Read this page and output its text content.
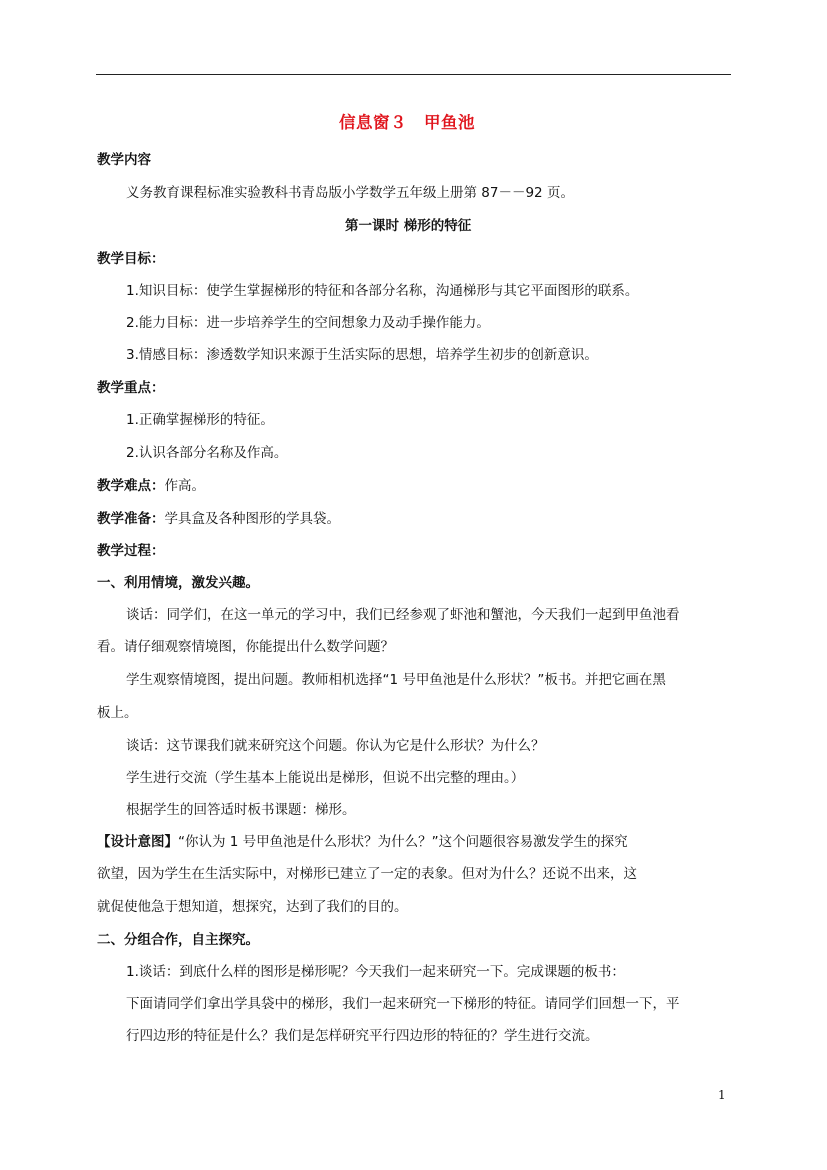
信息窗３　甲鱼池
教学内容
义务教育课程标准实验教科书青岛版小学数学五年级上册第 87－－92 页。
第一课时 梯形的特征
教学目标：
1.知识目标：使学生掌握梯形的特征和各部分名称，沟通梯形与其它平面图形的联系。
2.能力目标：进一步培养学生的空间想象力及动手操作能力。
3.情感目标：渗透数学知识来源于生活实际的思想，培养学生初步的创新意识。
教学重点：
1.正确掌握梯形的特征。
2.认识各部分名称及作高。
教学难点：作高。
教学准备：学具盒及各种图形的学具袋。
教学过程：
一、利用情境，激发兴趣。
谈话：同学们，在这一单元的学习中，我们已经参观了虾池和蟹池，今天我们一起到甲鱼池看
看。请仔细观察情境图，你能提出什么数学问题？
学生观察情境图，提出问题。教师相机选择“1 号甲鱼池是什么形状？”板书。并把它画在黑
板上。
谈话：这节课我们就来研究这个问题。你认为它是什么形状？为什么？
学生进行交流（学生基本上能说出是梯形，但说不出完整的理由。）
根据学生的回答适时板书课题：梯形。
【设计意图】“你认为 1 号甲鱼池是什么形状？为什么？”这个问题很容易激发学生的探究
欲望，因为学生在生活实际中，对梯形已建立了一定的表象。但对为什么？还说不出来，这
就促使他急于想知道，想探究，达到了我们的目的。
二、分组合作，自主探究。
1.谈话：到底什么样的图形是梯形呢？今天我们一起来研究一下。完成课题的板书：
下面请同学们拿出学具袋中的梯形，我们一起来研究一下梯形的特征。请同学们回想一下，平
行四边形的特征是什么？我们是怎样研究平行四边形的特征的？学生进行交流。
1
